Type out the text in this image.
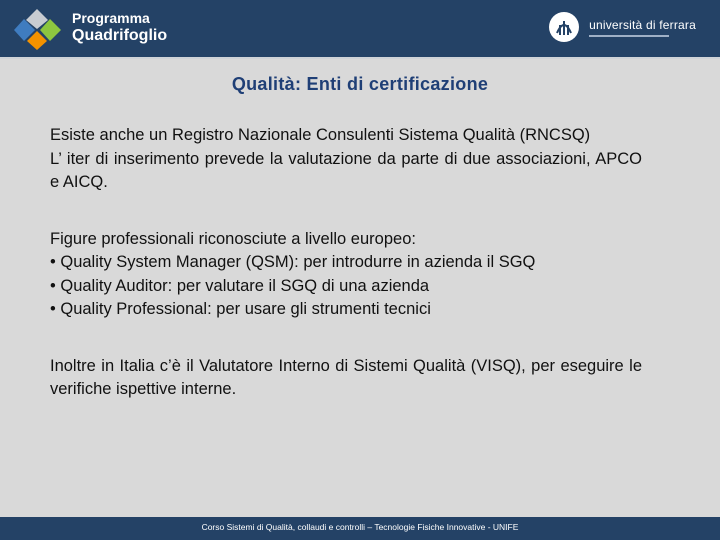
Programma
Quadrifoglio
università di ferrara
Qualità: Enti di certificazione

Esiste anche un Registro Nazionale Consulenti Sistema Qualità (RNCSQ)

L’ iter di inserimento prevede la valutazione da parte di due associazioni, APCO e AICQ.

Figure professionali riconosciute a livello europeo:

• Quality System Manager (QSM): per introdurre in azienda il SGQ

• Quality Auditor: per valutare il SGQ di una azienda

• Quality Professional: per usare gli strumenti tecnici

Inoltre in Italia c’è il Valutatore Interno di Sistemi Qualità (VISQ), per eseguire le verifiche ispettive interne.

Corso Sistemi di Qualità, collaudi e controlli – Tecnologie Fisiche Innovative - UNIFE
